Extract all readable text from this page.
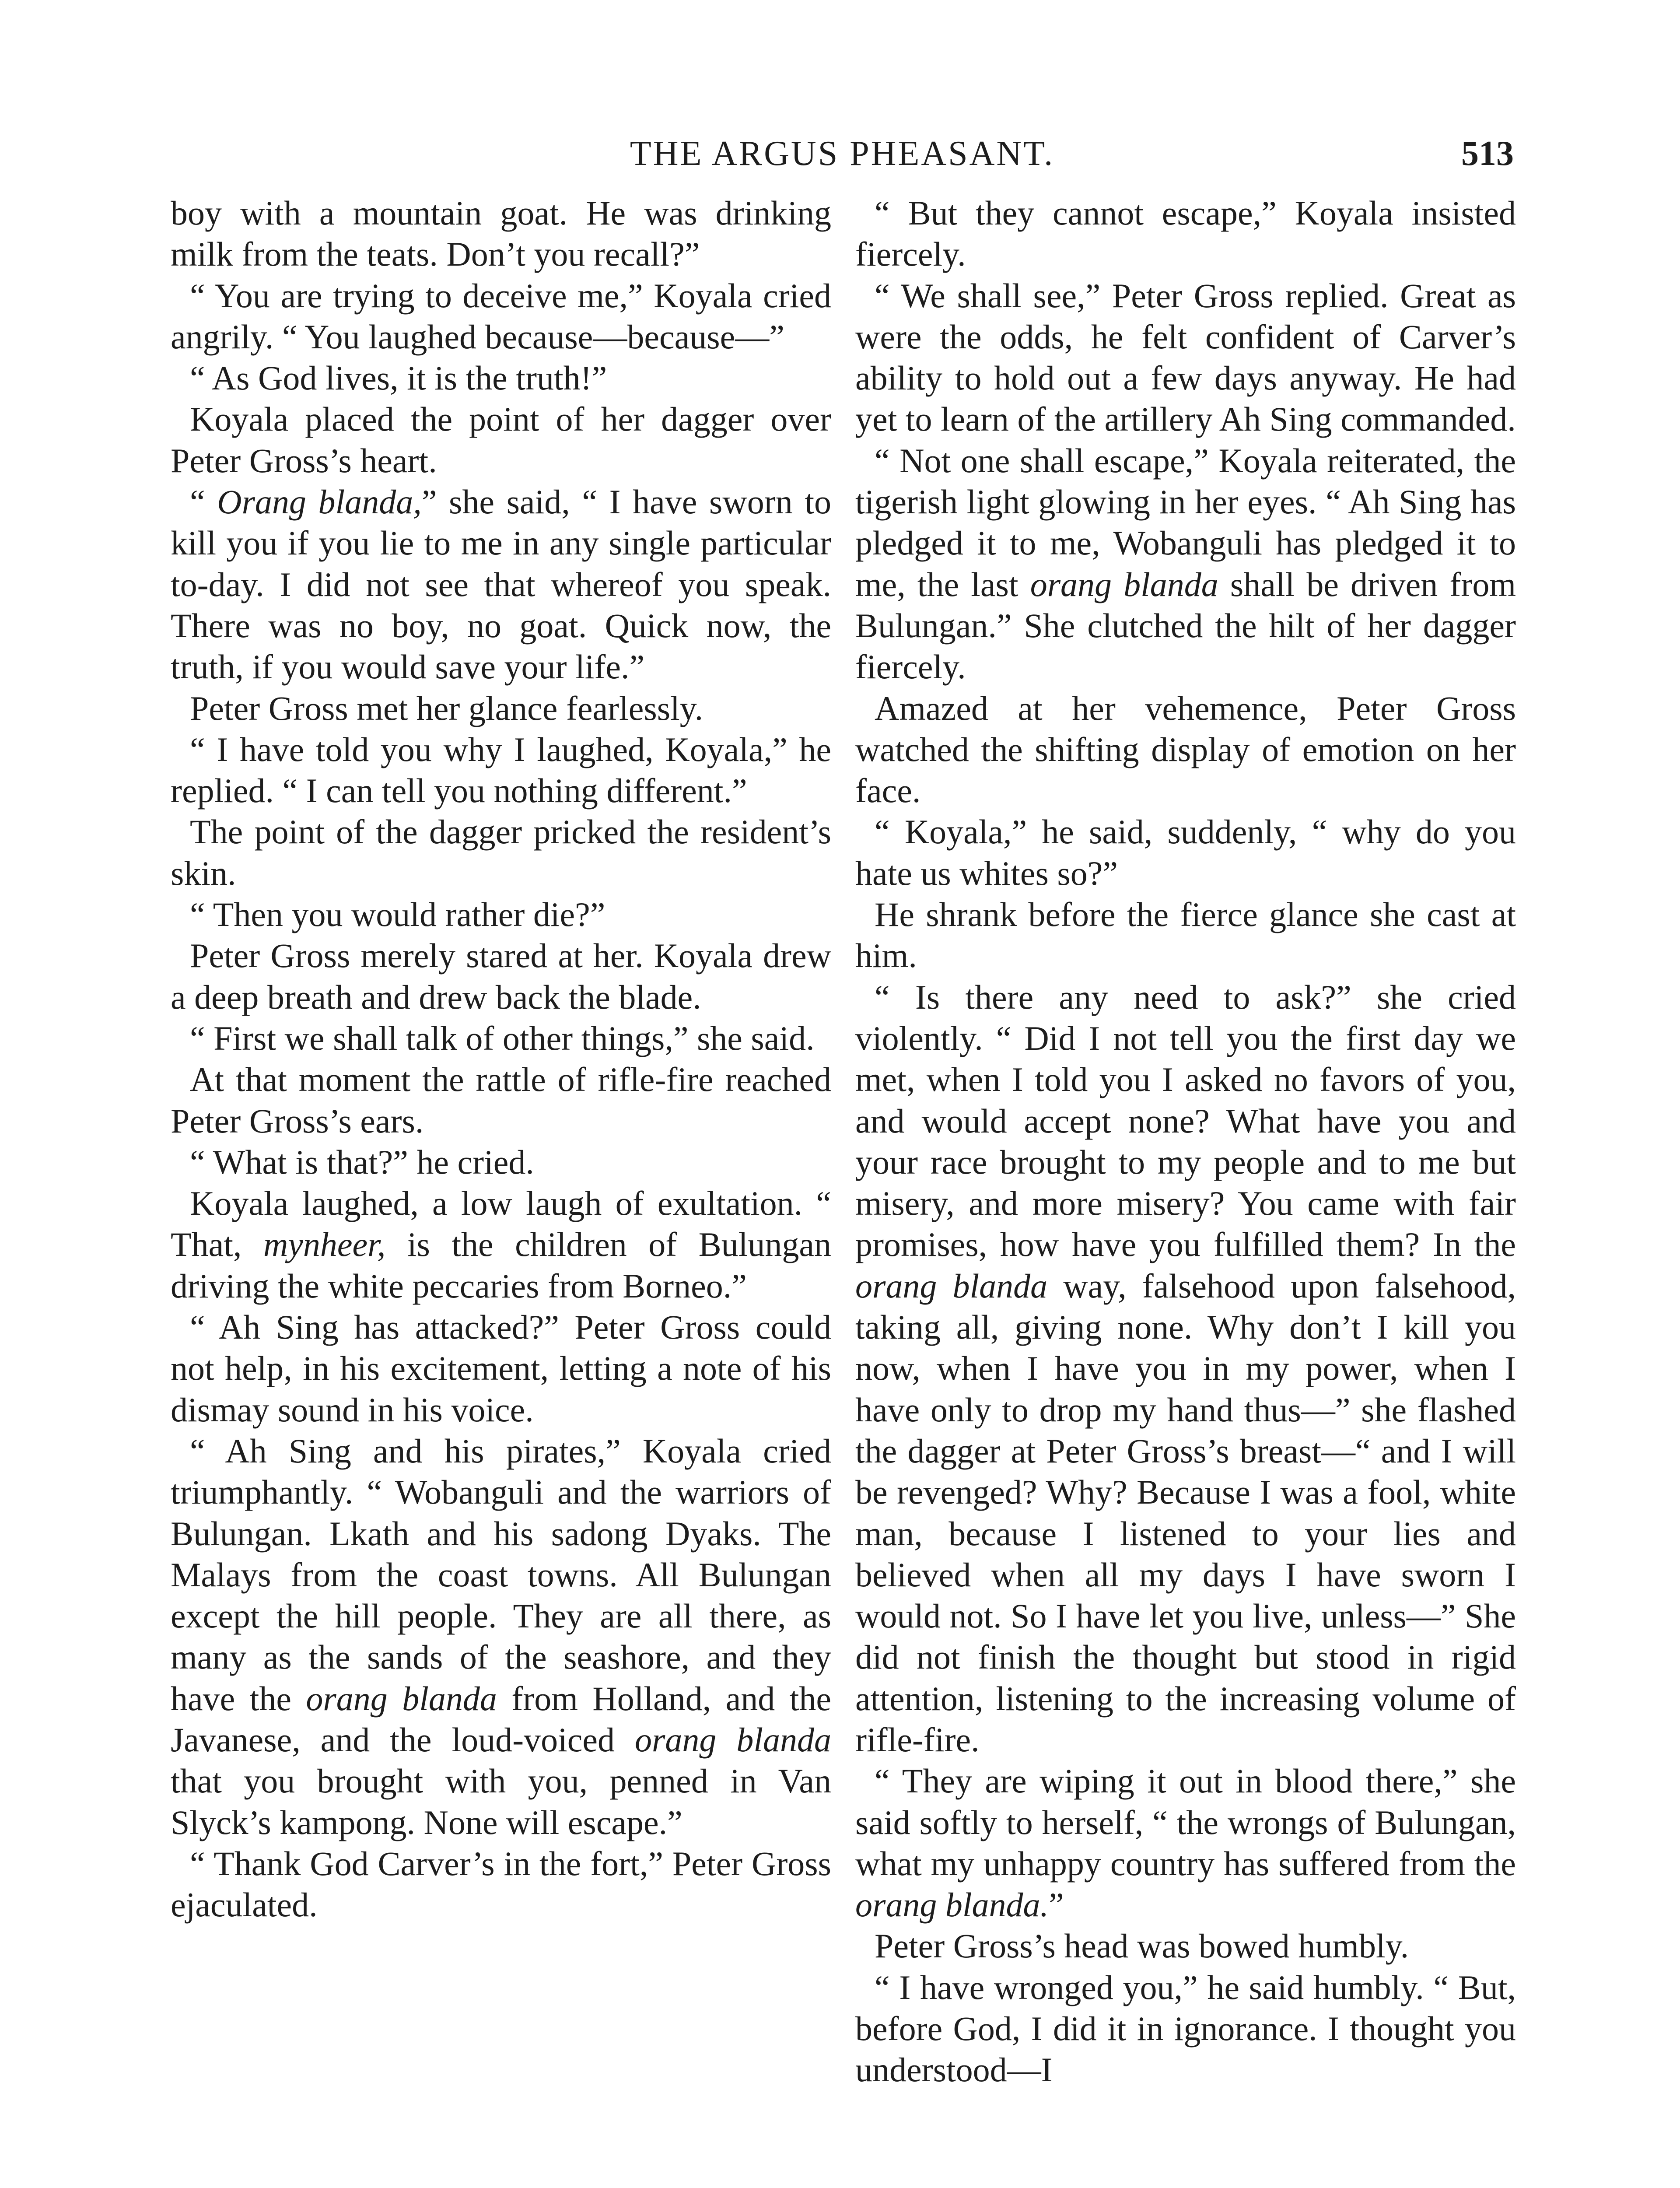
THE ARGUS PHEASANT.	513

boy with a mountain goat. He was drinking milk from the teats. Don’t you recall?”

“ You are trying to deceive me,” Koyala cried angrily. “ You laughed because—because—”

“ As God lives, it is the truth!”

Koyala placed the point of her dagger over Peter Gross’s heart.

“ Orang blanda,” she said, “ I have sworn to kill you if you lie to me in any single particular to-day. I did not see that whereof you speak. There was no boy, no goat. Quick now, the truth, if you would save your life.”

Peter Gross met her glance fearlessly.

“ I have told you why I laughed, Koyala,” he replied. “ I can tell you nothing different.”

The point of the dagger pricked the resident’s skin.

“ Then you would rather die?”

Peter Gross merely stared at her. Koyala drew a deep breath and drew back the blade.

“ First we shall talk of other things,” she said.

At that moment the rattle of rifle-fire reached Peter Gross’s ears.

“ What is that?” he cried.

Koyala laughed, a low laugh of exultation. “ That, mynheer, is the children of Bulungan driving the white peccaries from Borneo.”

“ Ah Sing has attacked?” Peter Gross could not help, in his excitement, letting a note of his dismay sound in his voice.

“ Ah Sing and his pirates,” Koyala cried triumphantly. “ Wobanguli and the warriors of Bulungan. Lkath and his sadong Dyaks. The Malays from the coast towns. All Bulungan except the hill people. They are all there, as many as the sands of the seashore, and they have the orang blanda from Holland, and the Javanese, and the loud-voiced orang blanda that you brought with you, penned in Van Slyck’s kampong. None will escape.”

“ Thank God Carver’s in the fort,” Peter Gross ejaculated.

“ But they cannot escape,” Koyala insisted fiercely.

“ We shall see,” Peter Gross replied. Great as were the odds, he felt confident of Carver’s ability to hold out a few days anyway. He had yet to learn of the artillery Ah Sing commanded.

“ Not one shall escape,” Koyala reiterated, the tigerish light glowing in her eyes. “ Ah Sing has pledged it to me, Wobanguli has pledged it to me, the last orang blanda shall be driven from Bulungan.” She clutched the hilt of her dagger fiercely.

Amazed at her vehemence, Peter Gross watched the shifting display of emotion on her face.

“ Koyala,” he said, suddenly, “ why do you hate us whites so?”

He shrank before the fierce glance she cast at him.

“ Is there any need to ask?” she cried violently. “ Did I not tell you the first day we met, when I told you I asked no favors of you, and would accept none? What have you and your race brought to my people and to me but misery, and more misery? You came with fair promises, how have you fulfilled them? In the orang blanda way, falsehood upon falsehood, taking all, giving none. Why don’t I kill you now, when I have you in my power, when I have only to drop my hand thus—” she flashed the dagger at Peter Gross’s breast—“ and I will be revenged? Why? Because I was a fool, white man, because I listened to your lies and believed when all my days I have sworn I would not. So I have let you live, unless—” She did not finish the thought but stood in rigid attention, listening to the increasing volume of rifle-fire.

“ They are wiping it out in blood there,” she said softly to herself, “ the wrongs of Bulungan, what my unhappy country has suffered from the orang blanda.”

Peter Gross’s head was bowed humbly.

“ I have wronged you,” he said humbly. “ But, before God, I did it in ignorance. I thought you understood—I
